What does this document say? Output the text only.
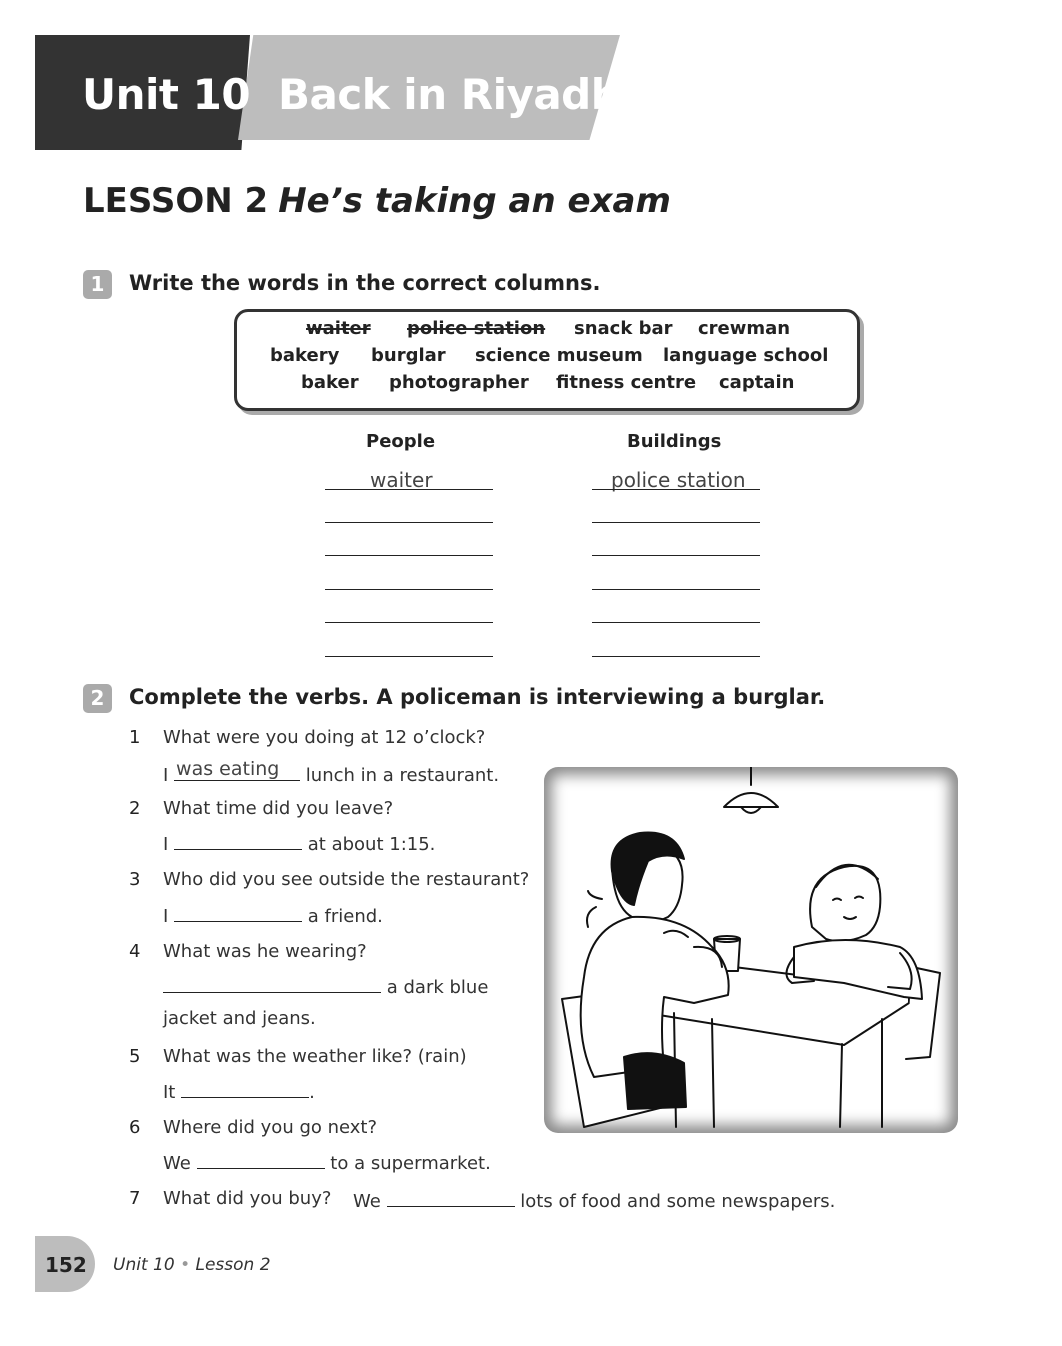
Unit 10 Back in Riyadh
LESSON 2 He’s taking an exam
1	Write the words in the correct columns.
waiter police station snack bar crewman
bakery burglar science museum language school
baker photographer fitness centre captain
People	Buildings
waiter	police station
2	Complete the verbs. A policeman is interviewing a burglar.
1 What were you doing at 12 o’clock?
I was eating lunch in a restaurant.
2 What time did you leave?
I	at about 1:15.
3 Who did you see outside the restaurant?
I	a friend.
4 What was he wearing?
a dark blue
jacket and jeans.
5 What was the weather like? (rain)
It	.
6 Where did you go next?
We	to a supermarket.
7 What did you buy? We	lots of food and some newspapers.
152 Unit 10 • Lesson 2
